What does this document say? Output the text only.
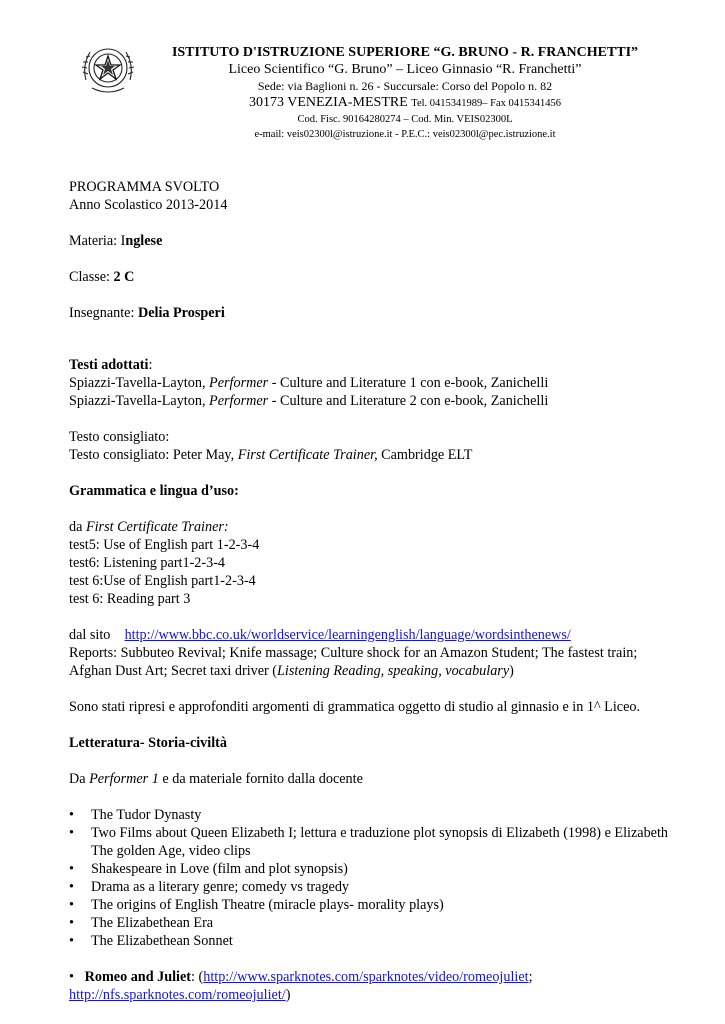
ISTITUTO D'ISTRUZIONE SUPERIORE “G. BRUNO - R. FRANCHETTI”
Liceo Scientifico “G. Bruno” – Liceo Ginnasio “R. Franchetti”
Sede: via Baglioni n. 26 - Succursale: Corso del Popolo n. 82
30173 VENEZIA-MESTRE Tel. 0415341989– Fax 0415341456
Cod. Fisc. 90164280274 – Cod. Min. VEIS02300L
e-mail: veis02300l@istruzione.it - P.E.C.: veis02300l@pec.istruzione.it

PROGRAMMA SVOLTO

Anno Scolastico 2013-2014

Materia: Inglese

Classe: 2 C

Insegnante: Delia Prosperi

Testi adottati:

Spiazzi-Tavella-Layton, Performer - Culture and Literature 1 con e-book, Zanichelli

Spiazzi-Tavella-Layton, Performer - Culture and Literature 2 con e-book, Zanichelli

Testo consigliato:

Testo consigliato: Peter May, First Certificate Trainer, Cambridge ELT

Grammatica e lingua d’uso:

da First Certificate Trainer:

test5: Use of English part 1-2-3-4

test6: Listening part1-2-3-4

test 6:Use of English part1-2-3-4

test 6: Reading part 3

dal sito    http://www.bbc.co.uk/worldservice/learningenglish/language/wordsinthenews/

Reports: Subbuteo Revival; Knife massage; Culture shock for an Amazon Student; The fastest train; Afghan Dust Art; Secret taxi driver (Listening Reading, speaking, vocabulary)

Sono stati ripresi e approfonditi argomenti di grammatica oggetto di studio al ginnasio e in 1^ Liceo.

Letteratura- Storia-civiltà

Da Performer 1 e da materiale fornito dalla docente

• The Tudor Dynasty
• Two Films about Queen Elizabeth I; lettura e traduzione plot synopsis di Elizabeth (1998) e Elizabeth The golden Age, video clips
• Shakespeare in Love (film and plot synopsis)
• Drama as a literary genre; comedy vs tragedy
• The origins of English Theatre (miracle plays- morality plays)
• The Elizabethean Era
• The Elizabethean Sonnet

• Romeo and Juliet: (http://www.sparknotes.com/sparknotes/video/romeojuliet; http://nfs.sparknotes.com/romeojuliet/)
